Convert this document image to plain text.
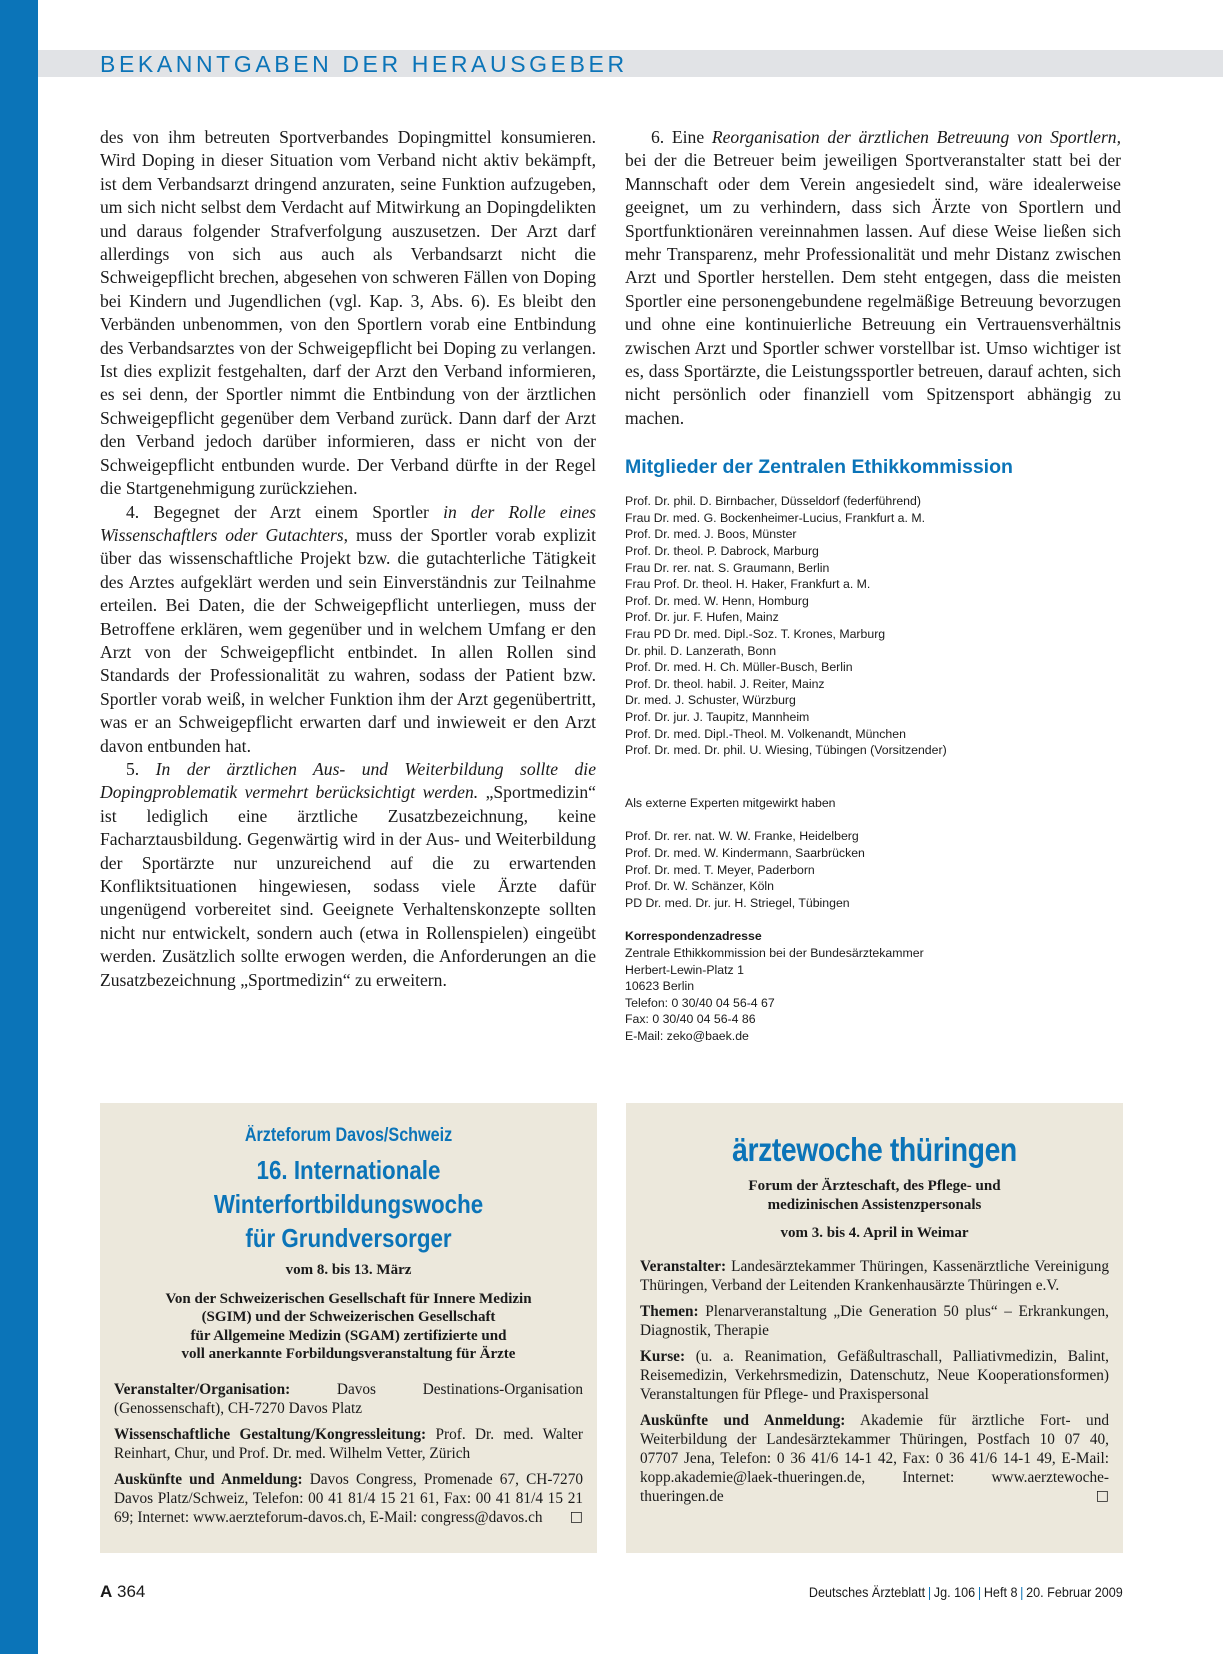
BEKANNTGABEN DER HERAUSGEBER

des von ihm betreuten Sportverbandes Dopingmittel konsumieren. Wird Doping in dieser Situation vom Verband nicht aktiv bekämpft, ist dem Verbandsarzt dringend anzuraten, seine Funktion aufzugeben, um sich nicht selbst dem Verdacht auf Mitwirkung an Dopingdelikten und daraus folgender Strafverfolgung auszusetzen. Der Arzt darf allerdings von sich aus auch als Verbandsarzt nicht die Schweigepflicht brechen, abgesehen von schweren Fällen von Doping bei Kindern und Jugendlichen (vgl. Kap. 3, Abs. 6). Es bleibt den Verbänden unbenommen, von den Sportlern vorab eine Entbindung des Verbandsarztes von der Schweigepflicht bei Doping zu verlangen. Ist dies explizit festgehalten, darf der Arzt den Verband informieren, es sei denn, der Sportler nimmt die Entbindung von der ärztlichen Schweigepflicht gegenüber dem Verband zurück. Dann darf der Arzt den Verband jedoch darüber informieren, dass er nicht von der Schweigepflicht entbunden wurde. Der Verband dürfte in der Regel die Startgenehmigung zurückziehen.

4. Begegnet der Arzt einem Sportler in der Rolle eines Wissenschaftlers oder Gutachters, muss der Sportler vorab explizit über das wissenschaftliche Projekt bzw. die gutachterliche Tätigkeit des Arztes aufgeklärt werden und sein Einverständnis zur Teilnahme erteilen. Bei Daten, die der Schweigepflicht unterliegen, muss der Betroffene erklären, wem gegenüber und in welchem Umfang er den Arzt von der Schweigepflicht entbindet. In allen Rollen sind Standards der Professionalität zu wahren, sodass der Patient bzw. Sportler vorab weiß, in welcher Funktion ihm der Arzt gegenübertritt, was er an Schweigepflicht erwarten darf und inwieweit er den Arzt davon entbunden hat.

5. In der ärztlichen Aus- und Weiterbildung sollte die Dopingproblematik vermehrt berücksichtigt werden. „Sportmedizin“ ist lediglich eine ärztliche Zusatzbezeichnung, keine Facharztausbildung. Gegenwärtig wird in der Aus- und Weiterbildung der Sportärzte nur unzureichend auf die zu erwartenden Konfliktsituationen hingewiesen, sodass viele Ärzte dafür ungenügend vorbereitet sind. Geeignete Verhaltenskonzepte sollten nicht nur entwickelt, sondern auch (etwa in Rollenspielen) eingeübt werden. Zusätzlich sollte erwogen werden, die Anforderungen an die Zusatzbezeichnung „Sportmedizin“ zu erweitern.

6. Eine Reorganisation der ärztlichen Betreuung von Sportlern, bei der die Betreuer beim jeweiligen Sportveranstalter statt bei der Mannschaft oder dem Verein angesiedelt sind, wäre idealerweise geeignet, um zu verhindern, dass sich Ärzte von Sportlern und Sportfunktionären vereinnahmen lassen. Auf diese Weise ließen sich mehr Transparenz, mehr Professionalität und mehr Distanz zwischen Arzt und Sportler herstellen. Dem steht entgegen, dass die meisten Sportler eine personengebundene regelmäßige Betreuung bevorzugen und ohne eine kontinuierliche Betreuung ein Vertrauensverhältnis zwischen Arzt und Sportler schwer vorstellbar ist. Umso wichtiger ist es, dass Sportärzte, die Leistungssportler betreuen, darauf achten, sich nicht persönlich oder finanziell vom Spitzensport abhängig zu machen.

Mitglieder der Zentralen Ethikkommission
Prof. Dr. phil. D. Birnbacher, Düsseldorf (federführend)
Frau Dr. med. G. Bockenheimer-Lucius, Frankfurt a. M.
Prof. Dr. med. J. Boos, Münster
Prof. Dr. theol. P. Dabrock, Marburg
Frau Dr. rer. nat. S. Graumann, Berlin
Frau Prof. Dr. theol. H. Haker, Frankfurt a. M.
Prof. Dr. med. W. Henn, Homburg
Prof. Dr. jur. F. Hufen, Mainz
Frau PD Dr. med. Dipl.-Soz. T. Krones, Marburg
Dr. phil. D. Lanzerath, Bonn
Prof. Dr. med. H. Ch. Müller-Busch, Berlin
Prof. Dr. theol. habil. J. Reiter, Mainz
Dr. med. J. Schuster, Würzburg
Prof. Dr. jur. J. Taupitz, Mannheim
Prof. Dr. med. Dipl.-Theol. M. Volkenandt, München
Prof. Dr. med. Dr. phil. U. Wiesing, Tübingen (Vorsitzender)
Als externe Experten mitgewirkt haben
Prof. Dr. rer. nat. W. W. Franke, Heidelberg
Prof. Dr. med. W. Kindermann, Saarbrücken
Prof. Dr. med. T. Meyer, Paderborn
Prof. Dr. W. Schänzer, Köln
PD Dr. med. Dr. jur. H. Striegel, Tübingen
Korrespondenzadresse
Zentrale Ethikkommission bei der Bundesärztekammer
Herbert-Lewin-Platz 1
10623 Berlin
Telefon: 0 30/40 04 56-4 67
Fax: 0 30/40 04 56-4 86
E-Mail: zeko@baek.de
Ärzteforum Davos/Schweiz
16. Internationale Winterfortbildungswoche
für Grundversorger
vom 8. bis 13. März
Von der Schweizerischen Gesellschaft für Innere Medizin
(SGIM) und der Schweizerischen Gesellschaft
für Allgemeine Medizin (SGAM) zertifizierte und
voll anerkannte Forbildungsveranstaltung für Ärzte
Veranstalter/Organisation: Davos Destinations-Organisation (Genossenschaft), CH-7270 Davos Platz
Wissenschaftliche Gestaltung/Kongressleitung: Prof. Dr. med. Walter Reinhart, Chur, und Prof. Dr. med. Wilhelm Vetter, Zürich
Auskünfte und Anmeldung: Davos Congress, Promenade 67, CH-7270 Davos Platz/Schweiz, Telefon: 00 41 81/4 15 21 61, Fax: 00 41 81/4 15 21 69; Internet: www.aerzteforum-davos.ch, E-Mail: congress@davos.ch □
ärztewoche thüringen
Forum der Ärzteschaft, des Pflege- und
medizinischen Assistenzpersonals
vom 3. bis 4. April in Weimar
Veranstalter: Landesärztekammer Thüringen, Kassenärztliche Vereinigung Thüringen, Verband der Leitenden Krankenhausärzte Thüringen e.V.
Themen: Plenarveranstaltung „Die Generation 50 plus“ – Erkrankungen, Diagnostik, Therapie
Kurse: (u. a. Reanimation, Gefäßultraschall, Palliativmedizin, Balint, Reisemedizin, Verkehrsmedizin, Datenschutz, Neue Kooperationsformen) Veranstaltungen für Pflege- und Praxispersonal
Auskünfte und Anmeldung: Akademie für ärztliche Fort- und Weiterbildung der Landesärztekammer Thüringen, Postfach 10 07 40, 07707 Jena, Telefon: 0 36 41/6 14-1 42, Fax: 0 36 41/6 14-1 49, E-Mail: kopp.akademie@laek-thueringen.de, Internet: www.aerztewoche-thueringen.de	□
A 364	Deutsches Ärzteblatt | Jg. 106 | Heft 8 | 20. Februar 2009
